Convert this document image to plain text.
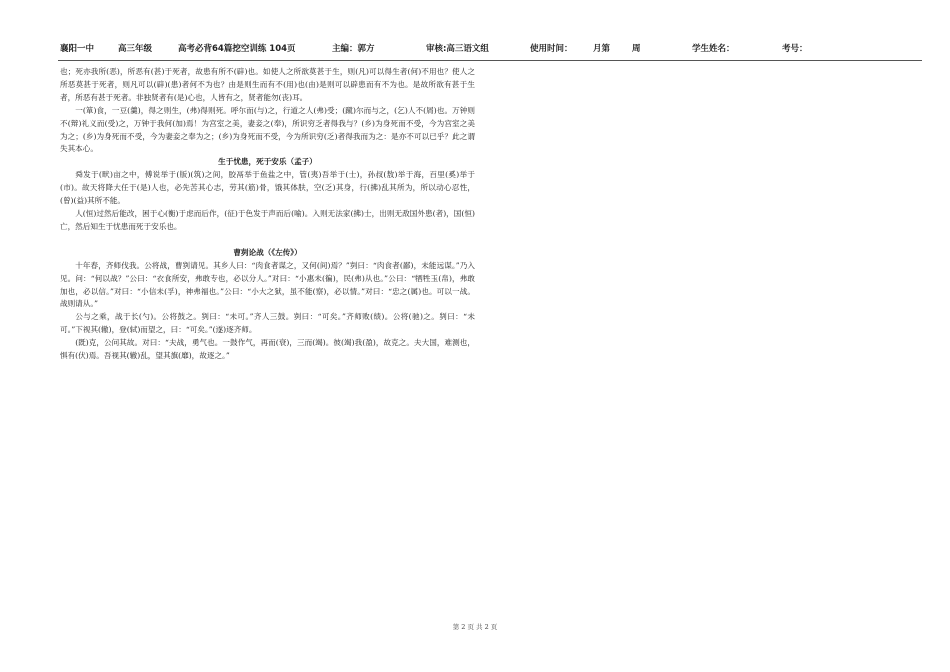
襄阳一中	高三年级	高考必背64篇挖空训练 104页	主编：郭方	审核:高三语文组	使用时间： 月第	周	学生姓名：	考号：

也；死亦我所(恶)，所恶有(甚)于死者，故患有所不(辟)也。如使人之所欲莫甚于生，则(凡)可以得生者(何)不用也？使人之所恶莫甚于死者，则凡可以(辟)(患)者何不为也？由是则生而有不(用)也(由)是则可以辟患而有不为也。是故所欲有甚于生者，所恶有甚于死者。非独贤者有(是)心也，人皆有之，贤者能勿(丧)耳。

一(箪)食，一豆(羹)，得之则生，(弗)得则死。呼尔而(与)之，行道之人(弗)受；(蹴)尔而与之，(乞)人不(屑)也。万钟则不(辩)礼义而(受)之，万钟于我何(加)焉！为宫室之美，妻妾之(奉)，所识穷乏者得我与？(乡)为身死而不受，今为宫室之美为之；(乡)为身死而不受，今为妻妾之奉为之；(乡)为身死而不受，今为所识穷(乏)者得我而为之：是亦不可以已乎？此之谓失其本心。

生于忧患，死于安乐（孟子）

舜发于(畎)亩之中，傅说举于(版)(筑)之间，胶鬲举于鱼盐之中，管(夷)吾举于(士)，孙叔(敖)举于海，百里(奚)举于(市)。故天将降大任于(是)人也，必先苦其心志，劳其(筋)骨，饿其体肤，空(乏)其身，行(拂)乱其所为，所以动心忍性，(曾)(益)其所不能。

人(恒)过然后能改，困于心(衡)于虑而后作，(征)于色发于声而后(喻)。入则无法家(拂)士，出则无敌国外患(者)，国(恒)亡，然后知生于忧患而死于安乐也。

曹刿论战（《左传》）

十年春，齐师伐我。公将战，曹刿请见。其乡人曰：“肉食者谋之，又何(间)焉？”刿曰：“肉食者(鄙)，未能远谋。”乃入见。问：“何以战？”公曰：“衣食所安，弗敢专也，必以分人。”对曰：“小惠未(徧)，民(弗)从也。”公曰：“牺牲玉(帛)，弗敢加也，必以信。”对曰：“小信未(孚)，神弗福也。”公曰：“小大之狱，虽不能(察)，必以情。”对曰：“忠之(属)也。可以一战。战则请从。”

公与之乘，战于长(勺)。公将鼓之。刿曰：“未可。”齐人三鼓。刿曰：“可矣。”齐师败(绩)。公将(驰)之。刿曰：“未可。”下视其(辙)，登(轼)而望之，曰：“可矣。”(遂)逐齐师。

(既)克，公问其故。对曰：“夫战，勇气也。一鼓作气，再而(衰)，三而(竭)。彼(竭)我(盈)，故克之。夫大国，难测也，惧有(伏)焉。吾视其(辙)乱，望其旗(靡)，故逐之。”

第 2 页 共 2 页
